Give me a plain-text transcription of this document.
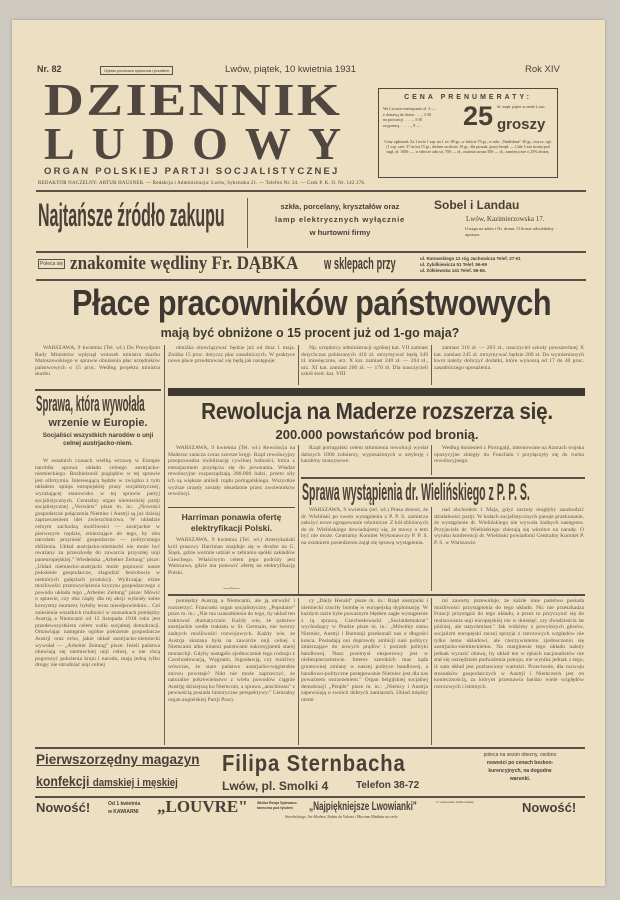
Nr. 82	Opłata pocztowa opłacona ryczałtem	Lwów, piątek, 10 kwietnia 1931	Rok XIV
DZIENNIK
LUDOWY
ORGAN POLSKIEJ PARTJI SOCJALISTYCZNEJ
CENA PRENUMERATY:
We Lwowie miesięcznie zł. 3·—
z dostawą do domu . . . „ 3·50
na prowincji . . . . „ 3·50
za granicą . . . . . „ 9·—	25 Nr. zwyk. pojed. w cenie 1-ooo
groszy
Ceny ogłoszeń: Za 1 m/m 1 szp. na 1 str. 80 gr., w tekście 70 gr., w rubr. „Nadesłane" 40 gr., zwycz. ogł. (1 szp. szer. 37 m/m) 15 gr., drobne za słowo 10 gr., dla poszuk. pracy bezpł. — Cała 1-sza strona pod nagł. zł. 1000·—, w tekście cała str. 700·— zł., ostatnia strona 500·— zł., zamiejscowe o 25% drożej.
REDAKTOR NACZELNY: ARTUR HAUSNER. — Redakcja i Administracja: Lwów, Sykstuska 21. — Telefon Nr. 24. — Czek P. K. O. Nr. 142.176.
Najtańsze źródło zakupu	szkła, porcelany, kryształów oraz
lamp elektrycznych wyłącznie
w hurtowni firmy
Sobel i Landau
Lwów, Kazimierzowska 17.
Uwaga na adres i Nr. domu. O liczne odwiedziny uprasza.
Poleca się znakomite wędliny Fr. DĄBKA w sklepach przy	ul. Ratowskiego 12 róg Jachowicza Telef. 27-01
ul. Zybilkiewicza 51 Telef. 56-69
ul. Żółkiewska 141 Telef. 56-66.
Płace pracowników państwowych
mają być obniżone o 15 procent już od 1-go maja?

WARSZAWA, 9 kwietnia (Tel. wł.) Do Prezydjum Rady Ministrów wpłynął wniosek ministra skarbu Matuszewskiego w sprawie obniżenia płac urzędników państwowych o 15 proc. Według projektu ministra skarbu

obniżka obowiązywać będzie już od dnia 1 maja. Zniżka 15 proc. dotyczy płac zasadniczych. W praktyce nowe płace przedstawiać się będą jak następuje:

Np. urzędnicy administracji ogólnej kat. VII zamiast dotychczas pobieranych 410 zł. otrzymywać będą 349 zł. miesięcznie, urz. X kat. zamiast 240 zł. — 204 zł., urz. XI kat. zamiast 200 zł. — 170 zł. Dla nauczycieli szkół śred. kat. VIII

zamiast 310 zł. — 263 zł., nauczyciel szkoły powszechnej X kat. zamiast 245 zł. otrzymywać będzie 209 zł. Do wymienionych kwot należy doliczyć dodatki, które wynoszą od 17 do 40 proc. zasadniczego uposażenia.

Sprawa, która wywołała
wrzenie w Europie.
Socjaliści wszystkich narodów o unji celnej austrjacko-niem.

W ostatnich czasach wielką wrzawę w Europie narobiła sprawa układu celnego austrjacko-niemieckiego. Rozbieżność poglądów w tej sprawie jest olbrzymia. Interesującą będzie w związku z tym układem opinja europejskiej prasy socjalistycznej, wyrażającej stanowisko w tej sprawie partyj socjalistycznych. Centralny organ niemieckiej partji socjalistycznej „Vorwärts" pisze m. in.: „Nowości gospodarcze połączenia Niemiec i Austrji są już dzisiaj zaprzeczeniem idei zwierzchnictwa. W układzie celnym zachodzą możliwości — austrjackie w pierwszym rzędzie, zmierzające do tego, by obu narodom przynieść gospodarcze — politycznego zbliżenia. Układ austrjacko-niemiecki nie może być uważany za przeszkodę do zawarcia przyszłej unji paneuropejskiej." Wiedeńska „Arbeiter Zeitung" pisze: „Układ niemiecko-austrjacki może poprawić nasze położenie gospodarcze, złagodzić bezrobocie w niektórych gałęziach produkcji. Wyliczając różne możliwości przezwyciężenia kryzysu gospodarczego z powodu układu tego „Arbeiter Zeitung" pisze: Mówić o sprawie, czy oba rządy dla tej akcji wybrały sobie korzystny moment, byłoby teraz nieodpowiednio... Cel zniesienia wszelkich trudności w stosunkach pomiędzy Austrją a Niemcami od 12 listopada 1918 roku jest przedewszystkiem celem walki socjalnej demokracji. Omawiając następnie ogólne położenie gospodarcze Austrji oraz echo, jakie układ austrjacko-niemiecki wywołał — „Arbeiter Zeitung" pisze: Jeżeli państwa obawiają się niemieckiej unji celnej, a nie chcą pogorszyć położenia kraju i narodu, mają jedną tylko drogę: nie utrudniać unji celnej

Rewolucja na Maderze rozszerza się.
200.000 powstańców pod bronią.

WARSZAWA, 9 kwietnia (Tel. wł.) Rewolucja na Maderze zatacza coraz szersze kręgi. Rząd rewolucyjny przeprowadza mobilizację cywilnej ludności, która z entuzjazmem przyłącza się do powstania. Władze rewolucyjne rozporządzają 200.000 ludzi, przeto siły ich są większe aniżeli rządu portugalskiego. Wszystkie wyższe urzędy zostały obsadzone przez zwolenników rewolucji.

Rząd portugalski celem stłumienia rewolucji wysłał dalszych 1000 żołnierzy, wyposażonych w artylerję i karabiny maszynowe.

Według doniesień z Portugalji, internowane na Azorach wojska opozycyjne zbiegły do Funchalu i przyłączyły się do ruchu rewolucyjnego.

Harriman ponawia ofertę elektryfikacji Polski.

WARSZAWA, 9 kwietnia (Tel. wł.) Amerykański król prasowy Harriman znajduje się w drodze na G. Śląsk, gdzie weźmie udział w zebraniu spółki zakładów Gieschego. Właściwym celem jego podróży jest Warszawa, gdzie ma ponowić ofertę na elektryfikację Polski.

—◦—
Sprawa wystąpienia dr. Wielińskiego z P. P. S.

WARSZAWA, 9 kwietnia (tel. wł.) Prasa donosi, że dr. Wieliński po swem wystąpieniu z P. P. S. zamierza założyć nowe ugrupowanie robotnicze. Z kół zbliżonych do dr. Wielińskiego dowiadujemy się, że mowy o tem być nie może. Centralny Komitet Wykonawczy P. P. S. na ostatniem posiedzeniu zajął się sprawą wystąpienia.

nad obchodem 1 Maja, gdyż zarzuty mogłyby zaszkodzić działalności partji. W kołach socjalistycznych panuje przekonanie, że wystąpienie dr. Wielińskiego nie wywoła żadnych następstw. Przyjaciele dr. Wielińskiego zbierają się wkrótce na naradę. O wyniku konferencji dr. Wieliński powiadomi Centralny Komitet P. P. S. w Warszawie.

pomiędzy Austrją a Niemcami, ale ją utrwalić i rozszerzyć. Francuski organ socjalistyczny „Populaire" pisze m. in.: „Nie ma uzasadnienia do tego, by układ ten traktować dramatycznie. Każdy wie, że państwo austrjackie wedle traktatu w St. Germain, nie tworzy żadnych możliwości rozwojowych. Każdy wie, że Austrja skazana była na zawarcie unji celnej z Niemcami albo innemi państwami sukcesyjnemi starej monarchji. Gdyby nastąpiło zjednoczenie tego rodzaju z Czechosłowacją, Węgrami, Jugosławją, czy możliwy wówczas, że stare państwo austrjacko-węgierskie znowu powstaje? Nikt nie może zaprzeczyć, że naturalne pokrewieństwo z wielu powodów ciągnie Austrję dzisiejszą ku Niemcom, a sprawa „anschlussu" z pewnością posiada historyczne perspektywy." Centralny organ angielskiej Partji Pracy

cy „Daily Herald" pisze m. in.: Rząd austrjacki i niemiecki rzuciły bombę w europejską dyplomację. W każdym razie było poważnym błędem zagłe wystąpienie z tą sprawą. Czechosłowacki „Socialdemokrat" wychodzący w Pradze pisze m. in.: „Mówimy stanu Niemiec, Austrji i Rumunji przekonali nas o długości konca. Posiadają oni doprawdy ambicji nasi politycy zmierzające do nowych prądów i potrzeb polityki handlowej. Nasz przemysł eksportowy jest w niebezpieczeństwie. Interes szerokich mas żąda gruntownej zmiany w naszej polityce handlowej, a handlowo-polityczne postępowanie Niemiec jest dla nas poważnem ostrzeżeniem." Organ belgijskiej socjalnej demokracji „Peuple" pisze m. in.: „Niemcy i Austrja zapewniają o swoich dobrych zamiarach. Układ między niemi

mi zawarty przewiduje, że każde inne państwo posiada możliwości przystąpienia do tego układu. Nic nie przeszkadza Francji przystąpić do tego układu, a przez to przyczynić się do realizowania unji europejskiej nie w dniesięć, czy dwadzieścia lat później, ale natychmiast." Jak widzimy z powyższych głosów, socjalizm europejski raczej sprzyja z rzeczowych względów nie tylko temu układowi, ale rzeczywistemu zjednoczeniu się austrjacko-niemieckiemu. Na marginesie tego układu należy jednak wyrazić obawę, by układ ten w rękach nacjonalistów nie stał się narzędziem podważenia pokoju, nie wynika jednak z tego, iż sam układ jest pozbawiony wartości. Przeciwnie, dla rozwoju stosunków gospodarczych w Austrji i Niemczech jest on koniecznością, za którym przemawia bardzo wiele względów rzeczowych i istotnych.

Pierwszorzędny magazyn
konfekcji damskiej i męskiej
Filipa Sternbacha
Lwów, pl. Smolki 4	Telefon 38-72
poleca na sezon obecny, osobno
nowości po cenach bezkon-
kurencyjnych, na dogodne
warunki.
Nowość!	Od 1 kwietnia
w KAWIARNI „LOUVRE"	Wielka Rewja Spiewano-taneczna pod tytułem	„Najpiękniejsze Lwowianki"	w wykonaniu Zubrowskiej
Strzeleckiego, Art-Modera, Baletu da Valoisa i Mieciem Mańkim na czele
Nowość!
